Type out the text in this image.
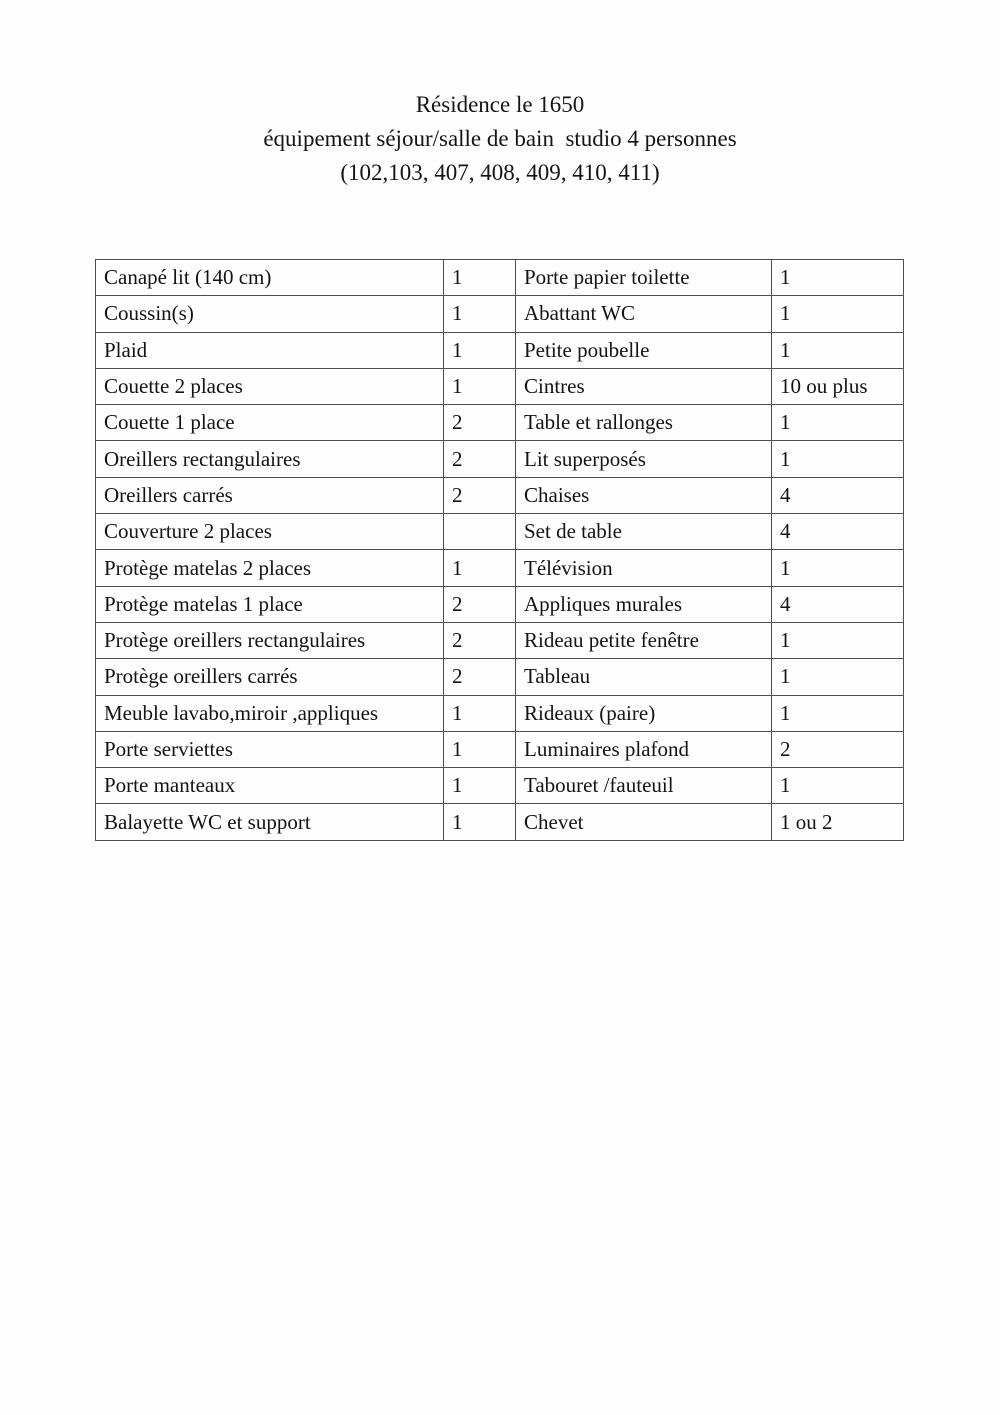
Résidence le 1650
équipement séjour/salle de bain  studio 4 personnes
(102,103, 407, 408, 409, 410, 411)
Canapé lit (140 cm)	1	Porte papier toilette	1
Coussin(s)	1	Abattant WC	1
Plaid	1	Petite poubelle	1
Couette 2 places	1	Cintres	10 ou plus
Couette 1 place	2	Table et rallonges	1
Oreillers rectangulaires	2	Lit superposés	1
Oreillers carrés	2	Chaises	4
Couverture 2 places		Set de table	4
Protège matelas 2 places	1	Télévision	1
Protège matelas 1 place	2	Appliques murales	4
Protège oreillers rectangulaires	2	Rideau petite fenêtre	1
Protège oreillers carrés	2	Tableau	1
Meuble lavabo,miroir ,appliques	1	Rideaux (paire)	1
Porte serviettes	1	Luminaires plafond	2
Porte manteaux	1	Tabouret /fauteuil	1
Balayette WC et support	1	Chevet	1 ou 2
